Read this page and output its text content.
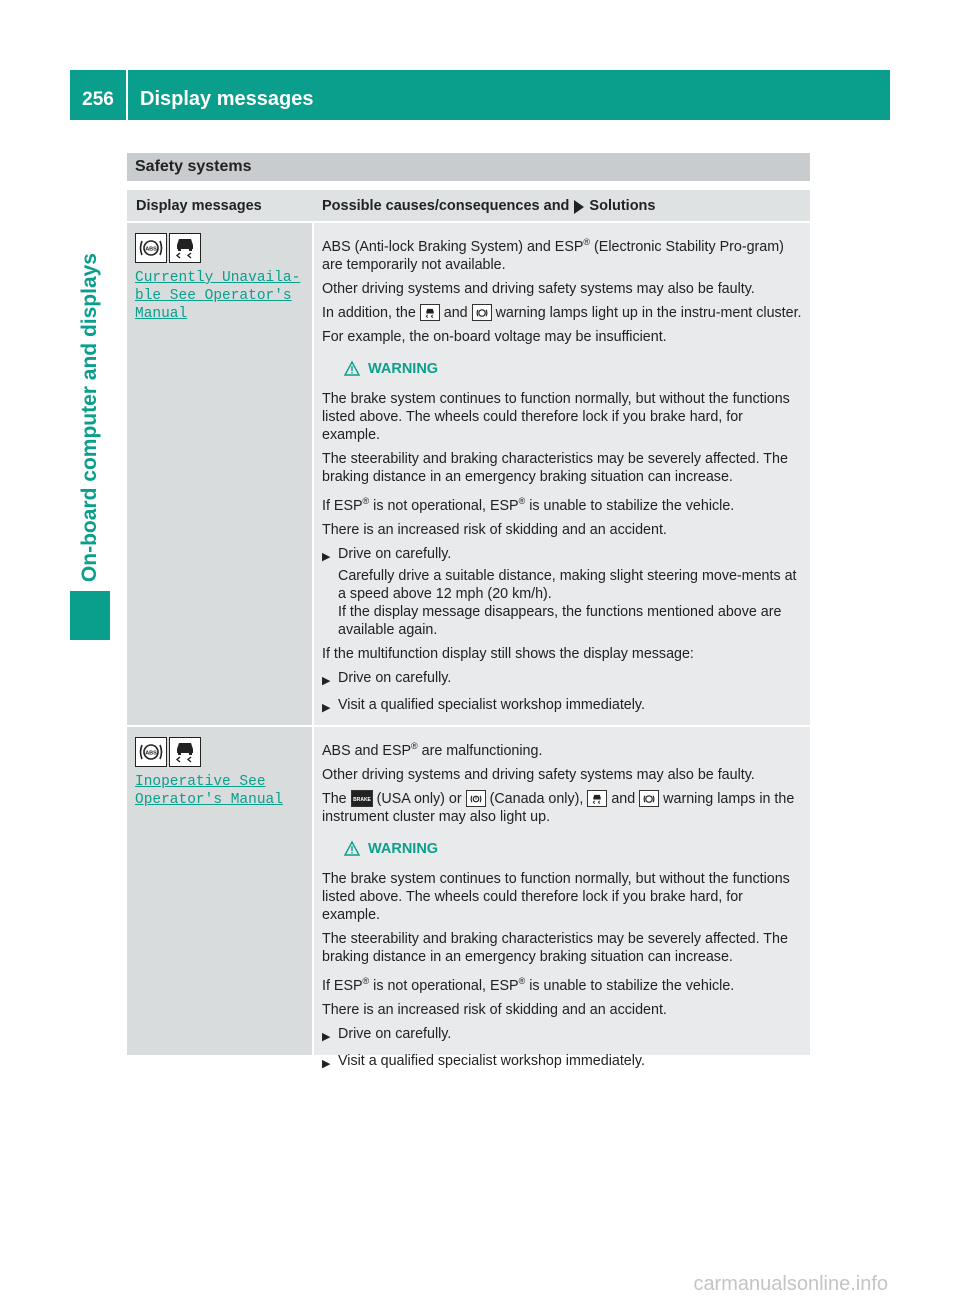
256	Display messages
On-board computer and displays
Safety systems
Display messages	Possible causes/consequences and Solutions
ABS
Currently Unavaila‐
ble See Operator's
Manual

ABS (Anti-lock Braking System) and ESP® (Electronic Stability Pro-gram) are temporarily not available.

Other driving systems and driving safety systems may also be faulty.

In addition, the and warning lamps light up in the instru-ment cluster.

For example, the on-board voltage may be insufficient.

WARNING

The brake system continues to function normally, but without the functions listed above. The wheels could therefore lock if you brake hard, for example.

The steerability and braking characteristics may be severely affected. The braking distance in an emergency braking situation can increase.

If ESP® is not operational, ESP® is unable to stabilize the vehicle.

There is an increased risk of skidding and an accident.

▶ Drive on carefully.

Carefully drive a suitable distance, making slight steering move-ments at a speed above 12 mph (20 km/h).

If the display message disappears, the functions mentioned above are available again.

If the multifunction display still shows the display message:

▶ Drive on carefully.

▶ Visit a qualified specialist workshop immediately.

ABS
Inoperative See
Operator's Manual

ABS and ESP® are malfunctioning.

Other driving systems and driving safety systems may also be faulty.

The BRAKE (USA only) or (Canada only), and warning lamps in the instrument cluster may also light up.

WARNING

The brake system continues to function normally, but without the functions listed above. The wheels could therefore lock if you brake hard, for example.

The steerability and braking characteristics may be severely affected. The braking distance in an emergency braking situation can increase.

If ESP® is not operational, ESP® is unable to stabilize the vehicle.

There is an increased risk of skidding and an accident.

▶ Drive on carefully.

▶ Visit a qualified specialist workshop immediately.

carmanualsonline.info
